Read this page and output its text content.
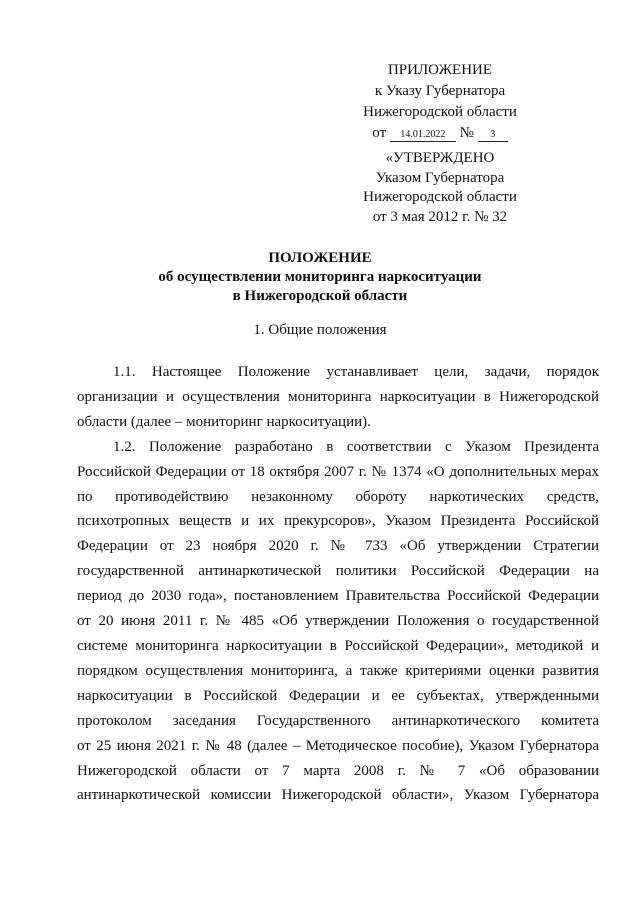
ПРИЛОЖЕНИЕ
к Указу Губернатора
Нижегородской области
от 14.01.2022 № 3
«УТВЕРЖДЕНО
Указом Губернатора
Нижегородской области
от 3 мая 2012 г. № 32
ПОЛОЖЕНИЕ
об осуществлении мониторинга наркоситуации
в Нижегородской области
1. Общие положения

1.1. Настоящее Положение устанавливает цели, задачи, порядок
организации и осуществления мониторинга наркоситуации в Нижегородской
области (далее – мониторинг наркоситуации).

1.2. Положение разработано в соответствии с Указом Президента
Российской Федерации от 18 октября 2007 г. № 1374 «О дополнительных мерах
по противодействию незаконному обороту наркотических средств,
психотропных веществ и их прекурсоров», Указом Президента Российской
Федерации от 23 ноября 2020 г. № 733 «Об утверждении Стратегии
государственной антинаркотической политики Российской Федерации на
период до 2030 года», постановлением Правительства Российской Федерации
от 20 июня 2011 г. № 485 «Об утверждении Положения о государственной
системе мониторинга наркоситуации в Российской Федерации», методикой и
порядком осуществления мониторинга, а также критериями оценки развития
наркоситуации в Российской Федерации и ее субъектах, утвержденными
протоколом заседания Государственного антинаркотического комитета
от 25 июня 2021 г. № 48 (далее – Методическое пособие), Указом Губернатора
Нижегородской области от 7 марта 2008 г. № 7 «Об образовании
антинаркотической комиссии Нижегородской области», Указом Губернатора
